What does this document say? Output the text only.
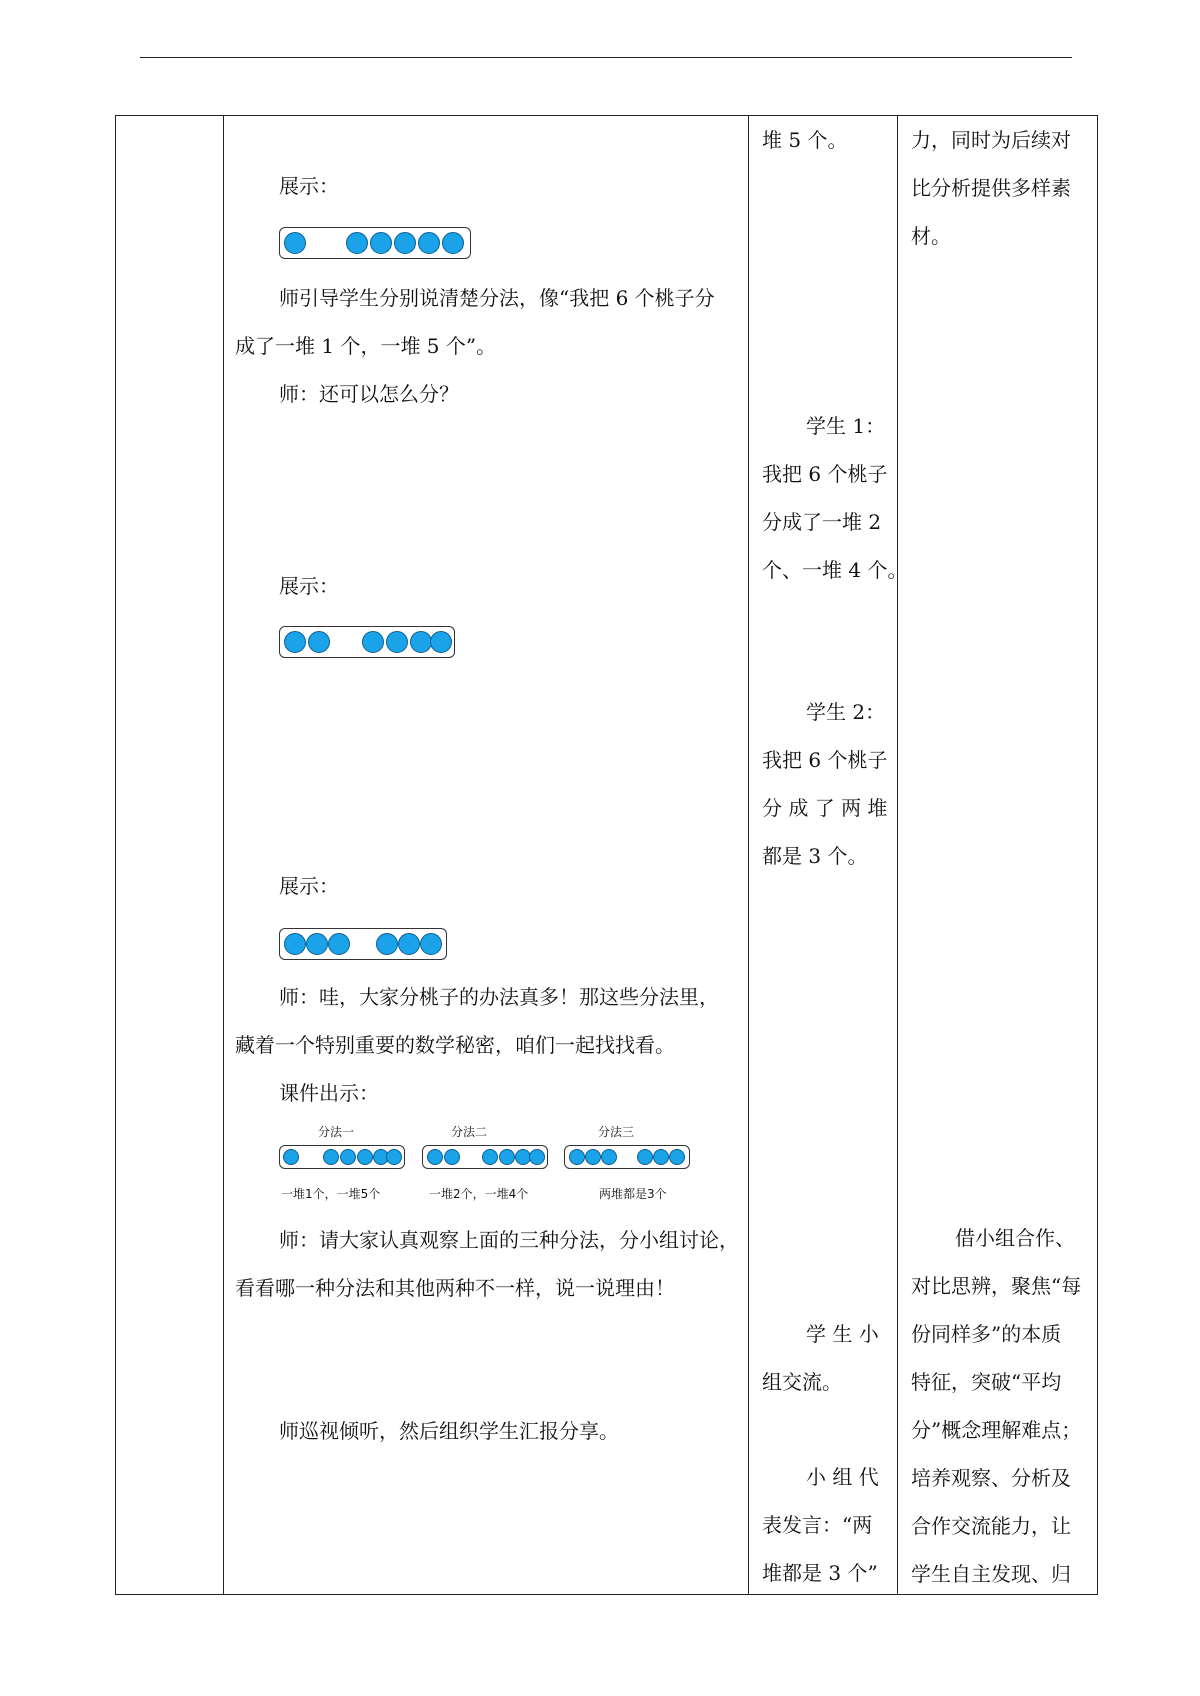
展示：
师引导学生分别说清楚分法，像“我把 6 个桃子分
成了一堆 1 个，一堆 5 个”。
师：还可以怎么分？
展示：
展示：
师：哇，大家分桃子的办法真多！那这些分法里，
藏着一个特别重要的数学秘密，咱们一起找找看。
课件出示：
分法一
一堆1个，一堆5个
分法二
一堆2个，一堆4个
分法三
两堆都是3个
师：请大家认真观察上面的三种分法，分小组讨论，
看看哪一种分法和其他两种不一样，说一说理由！
师巡视倾听，然后组织学生汇报分享。
堆 5 个。
学生 1：
我把 6 个桃子
分成了一堆 2
个、一堆 4 个。
学生 2：
我把 6 个桃子
分 成 了 两 堆
都是 3 个。
学 生 小
组交流。
小 组 代
表发言：“两
堆都是 3 个”
力，同时为后续对
比分析提供多样素
材。
借小组合作、
对比思辨，聚焦“每
份同样多”的本质
特征，突破“平均
分”概念理解难点；
培养观察、分析及
合作交流能力，让
学生自主发现、归
